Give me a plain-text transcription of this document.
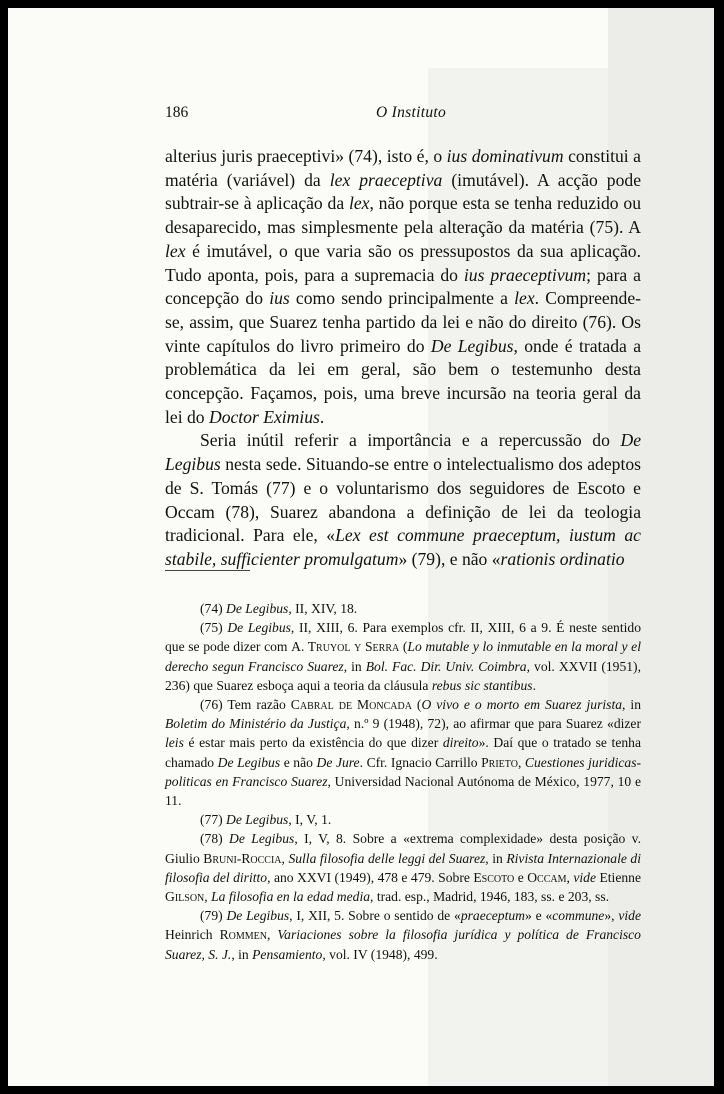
186	O Instituto

alterius juris praeceptivi» (74), isto é, o ius dominativum constitui a matéria (variável) da lex praeceptiva (imutável). A acção pode subtrair-se à aplicação da lex, não porque esta se tenha reduzido ou desaparecido, mas simplesmente pela alteração da matéria (75). A lex é imutável, o que varia são os pressupostos da sua aplicação. Tudo aponta, pois, para a supremacia do ius praeceptivum; para a concepção do ius como sendo principalmente a lex. Compreende-se, assim, que Suarez tenha partido da lei e não do direito (76). Os vinte capítulos do livro primeiro do De Legibus, onde é tratada a problemática da lei em geral, são bem o testemunho desta concepção. Façamos, pois, uma breve incursão na teoria geral da lei do Doctor Eximius.

Seria inútil referir a importância e a repercussão do De Legibus nesta sede. Situando-se entre o intelectualismo dos adeptos de S. Tomás (77) e o voluntarismo dos seguidores de Escoto e Occam (78), Suarez abandona a definição de lei da teologia tradicional. Para ele, «Lex est commune praeceptum, iustum ac stabile, sufficienter promulgatum» (79), e não «rationis ordinatio

(74) De Legibus, II, XIV, 18.

(75) De Legibus, II, XIII, 6. Para exemplos cfr. II, XIII, 6 a 9. É neste sentido que se pode dizer com A. Truyol y Serra (Lo mutable y lo inmutable en la moral y el derecho segun Francisco Suarez, in Bol. Fac. Dir. Univ. Coimbra, vol. XXVII (1951), 236) que Suarez esboça aqui a teoria da cláusula rebus sic stantibus.

(76) Tem razão Cabral de Moncada (O vivo e o morto em Suarez jurista, in Boletim do Ministério da Justiça, n.º 9 (1948), 72), ao afirmar que para Suarez «dizer leis é estar mais perto da existência do que dizer direito». Daí que o tratado se tenha chamado De Legibus e não De Jure. Cfr. Ignacio Carrillo Prieto, Cuestiones juridicas-politicas en Francisco Suarez, Universidad Nacional Autónoma de México, 1977, 10 e 11.

(77) De Legibus, I, V, 1.

(78) De Legibus, I, V, 8. Sobre a «extrema complexidade» desta posição v. Giulio Bruni-Roccia, Sulla filosofia delle leggi del Suarez, in Rivista Internazionale di filosofia del diritto, ano XXVI (1949), 478 e 479. Sobre Escoto e Occam, vide Etienne Gilson, La filosofia en la edad media, trad. esp., Madrid, 1946, 183, ss. e 203, ss.

(79) De Legibus, I, XII, 5. Sobre o sentido de «praeceptum» e «commune», vide Heinrich Rommen, Variaciones sobre la filosofia jurídica y política de Francisco Suarez, S. J., in Pensamiento, vol. IV (1948), 499.
